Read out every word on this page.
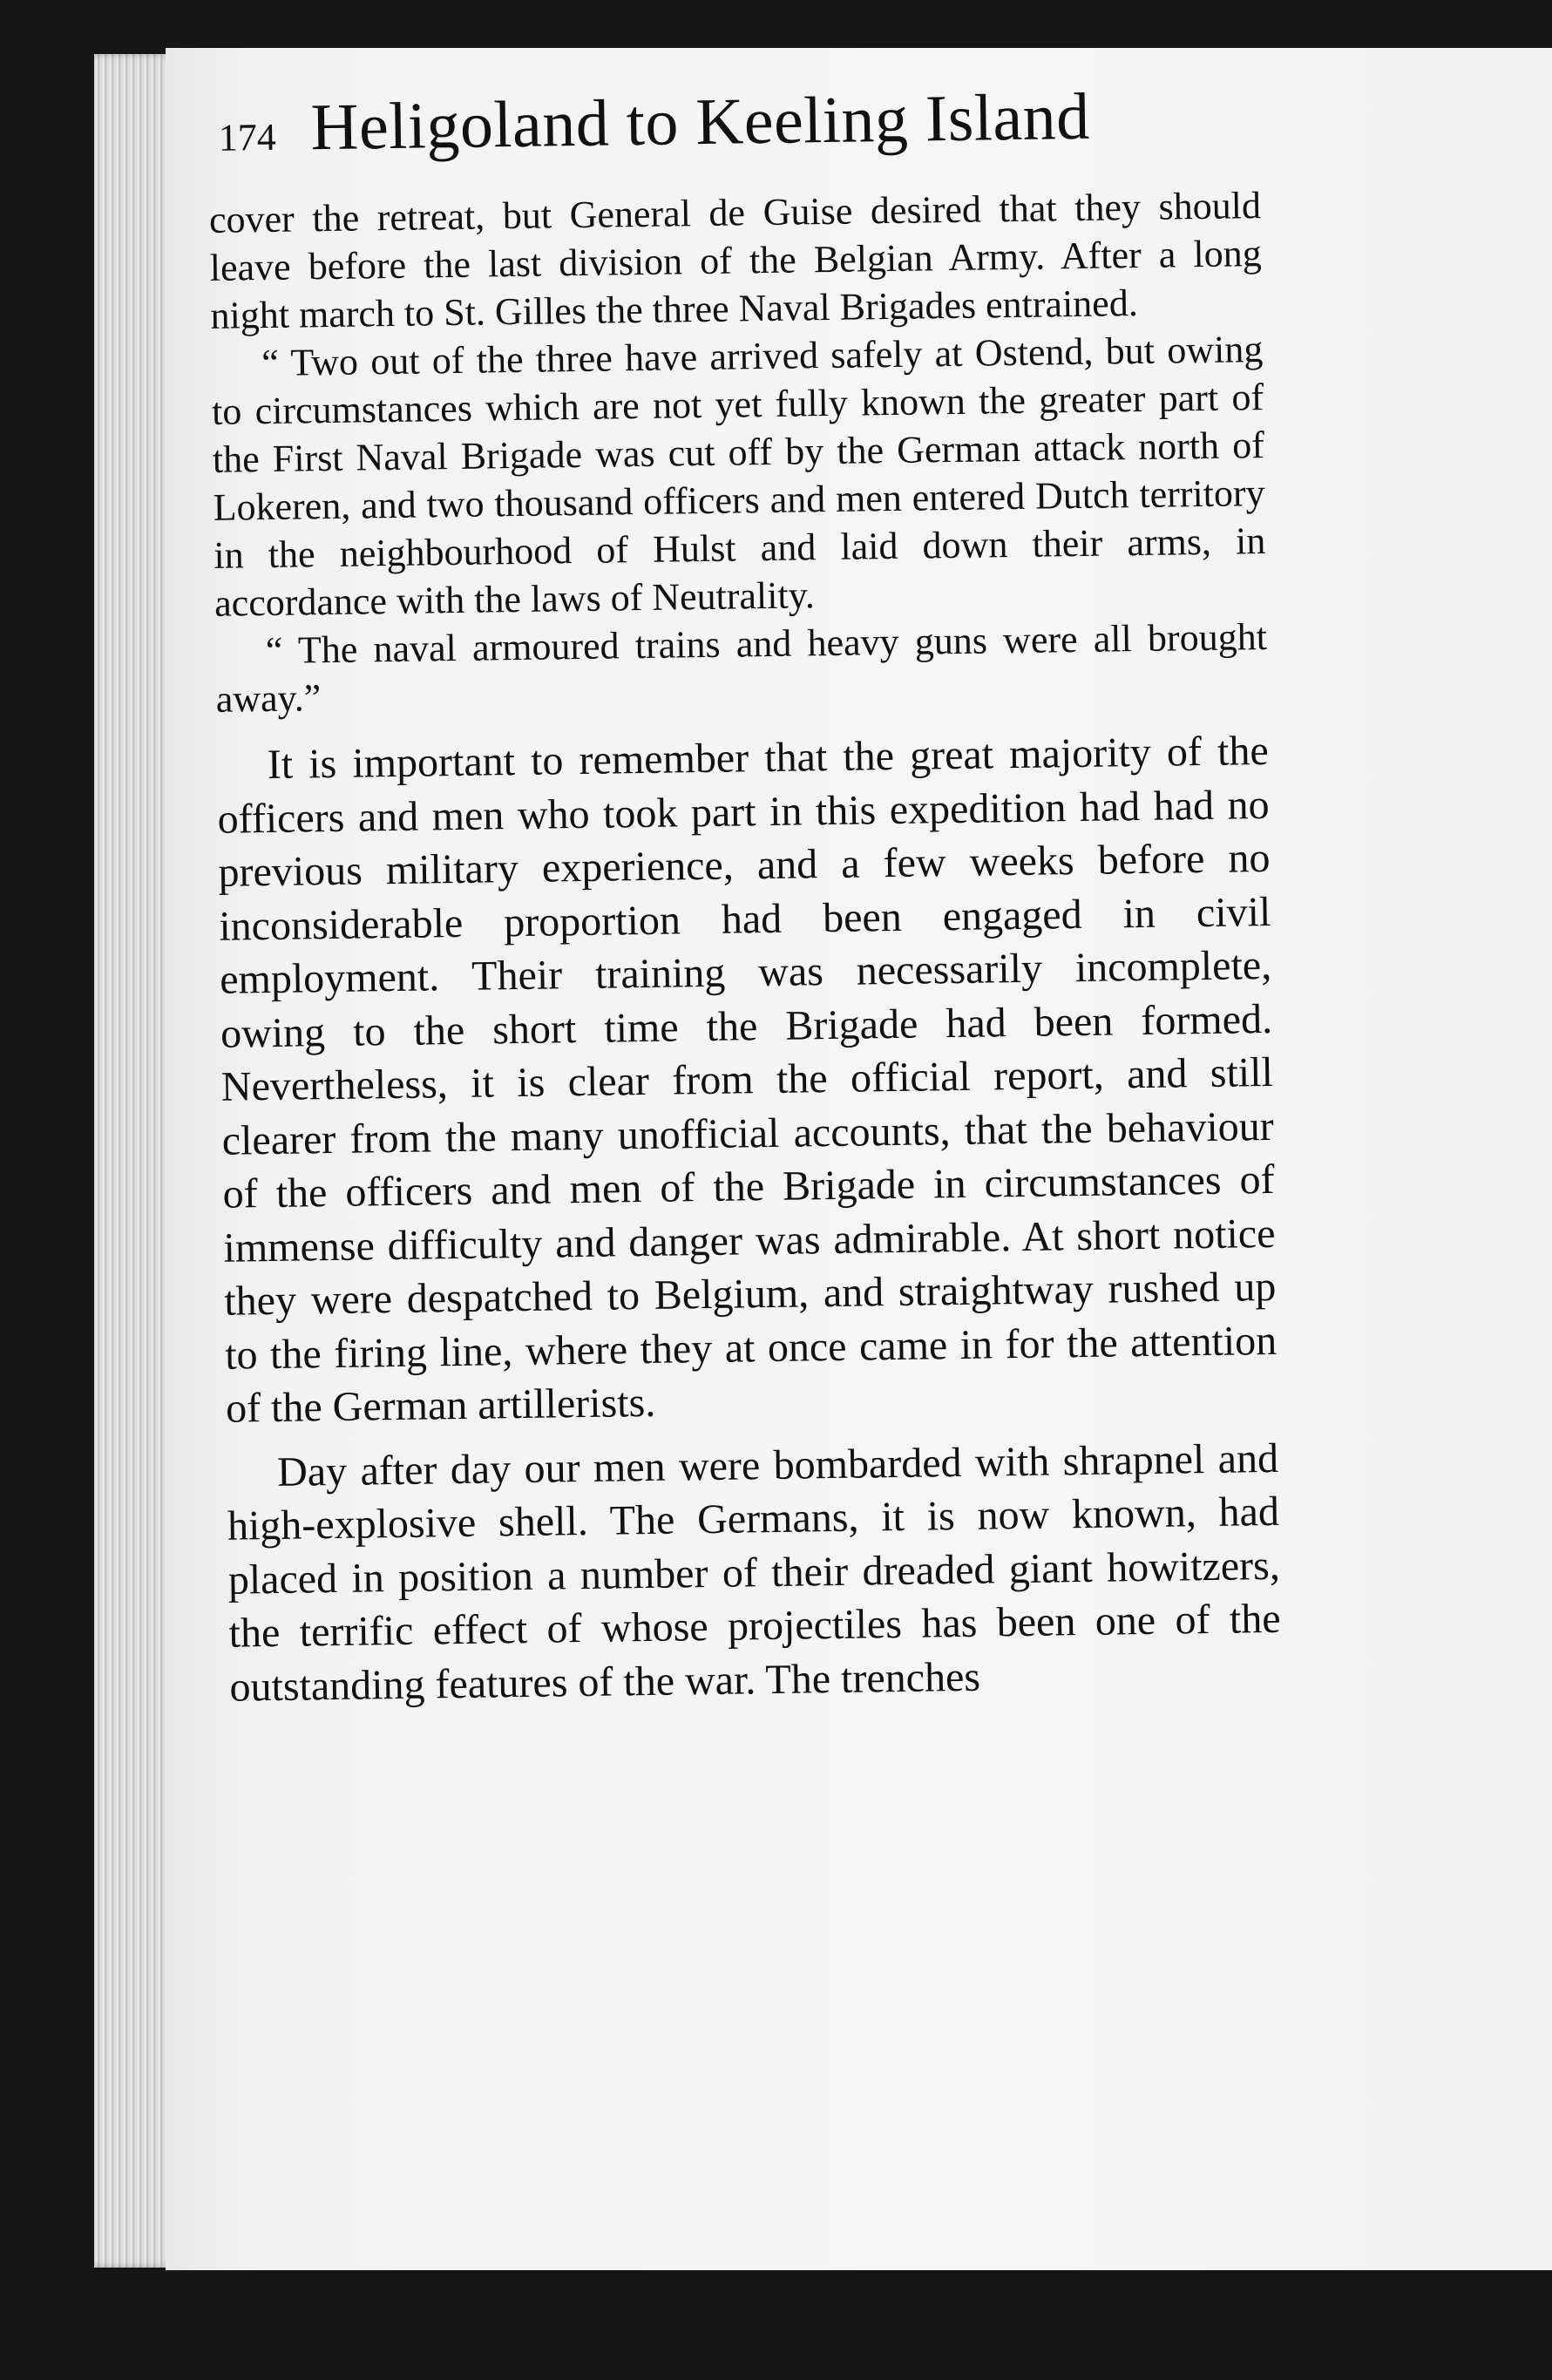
174 Heligoland to Keeling Island

cover the retreat, but General de Guise desired that they should leave before the last division of the Belgian Army. After a long night march to St. Gilles the three Naval Brigades entrained.

“ Two out of the three have arrived safely at Ostend, but owing to circumstances which are not yet fully known the greater part of the First Naval Brigade was cut off by the German attack north of Lokeren, and two thousand officers and men entered Dutch territory in the neighbourhood of Hulst and laid down their arms, in accordance with the laws of Neutrality.

“ The naval armoured trains and heavy guns were all brought away.”

It is important to remember that the great majority of the officers and men who took part in this expedition had had no previous military experience, and a few weeks before no inconsiderable proportion had been engaged in civil employment. Their training was necessarily incomplete, owing to the short time the Brigade had been formed. Nevertheless, it is clear from the official report, and still clearer from the many unofficial accounts, that the behaviour of the officers and men of the Brigade in circumstances of immense difficulty and danger was admirable. At short notice they were despatched to Belgium, and straightway rushed up to the firing line, where they at once came in for the attention of the German artillerists.

Day after day our men were bombarded with shrapnel and high-explosive shell. The Germans, it is now known, had placed in position a number of their dreaded giant howitzers, the terrific effect of whose projectiles has been one of the outstanding features of the war. The trenches
